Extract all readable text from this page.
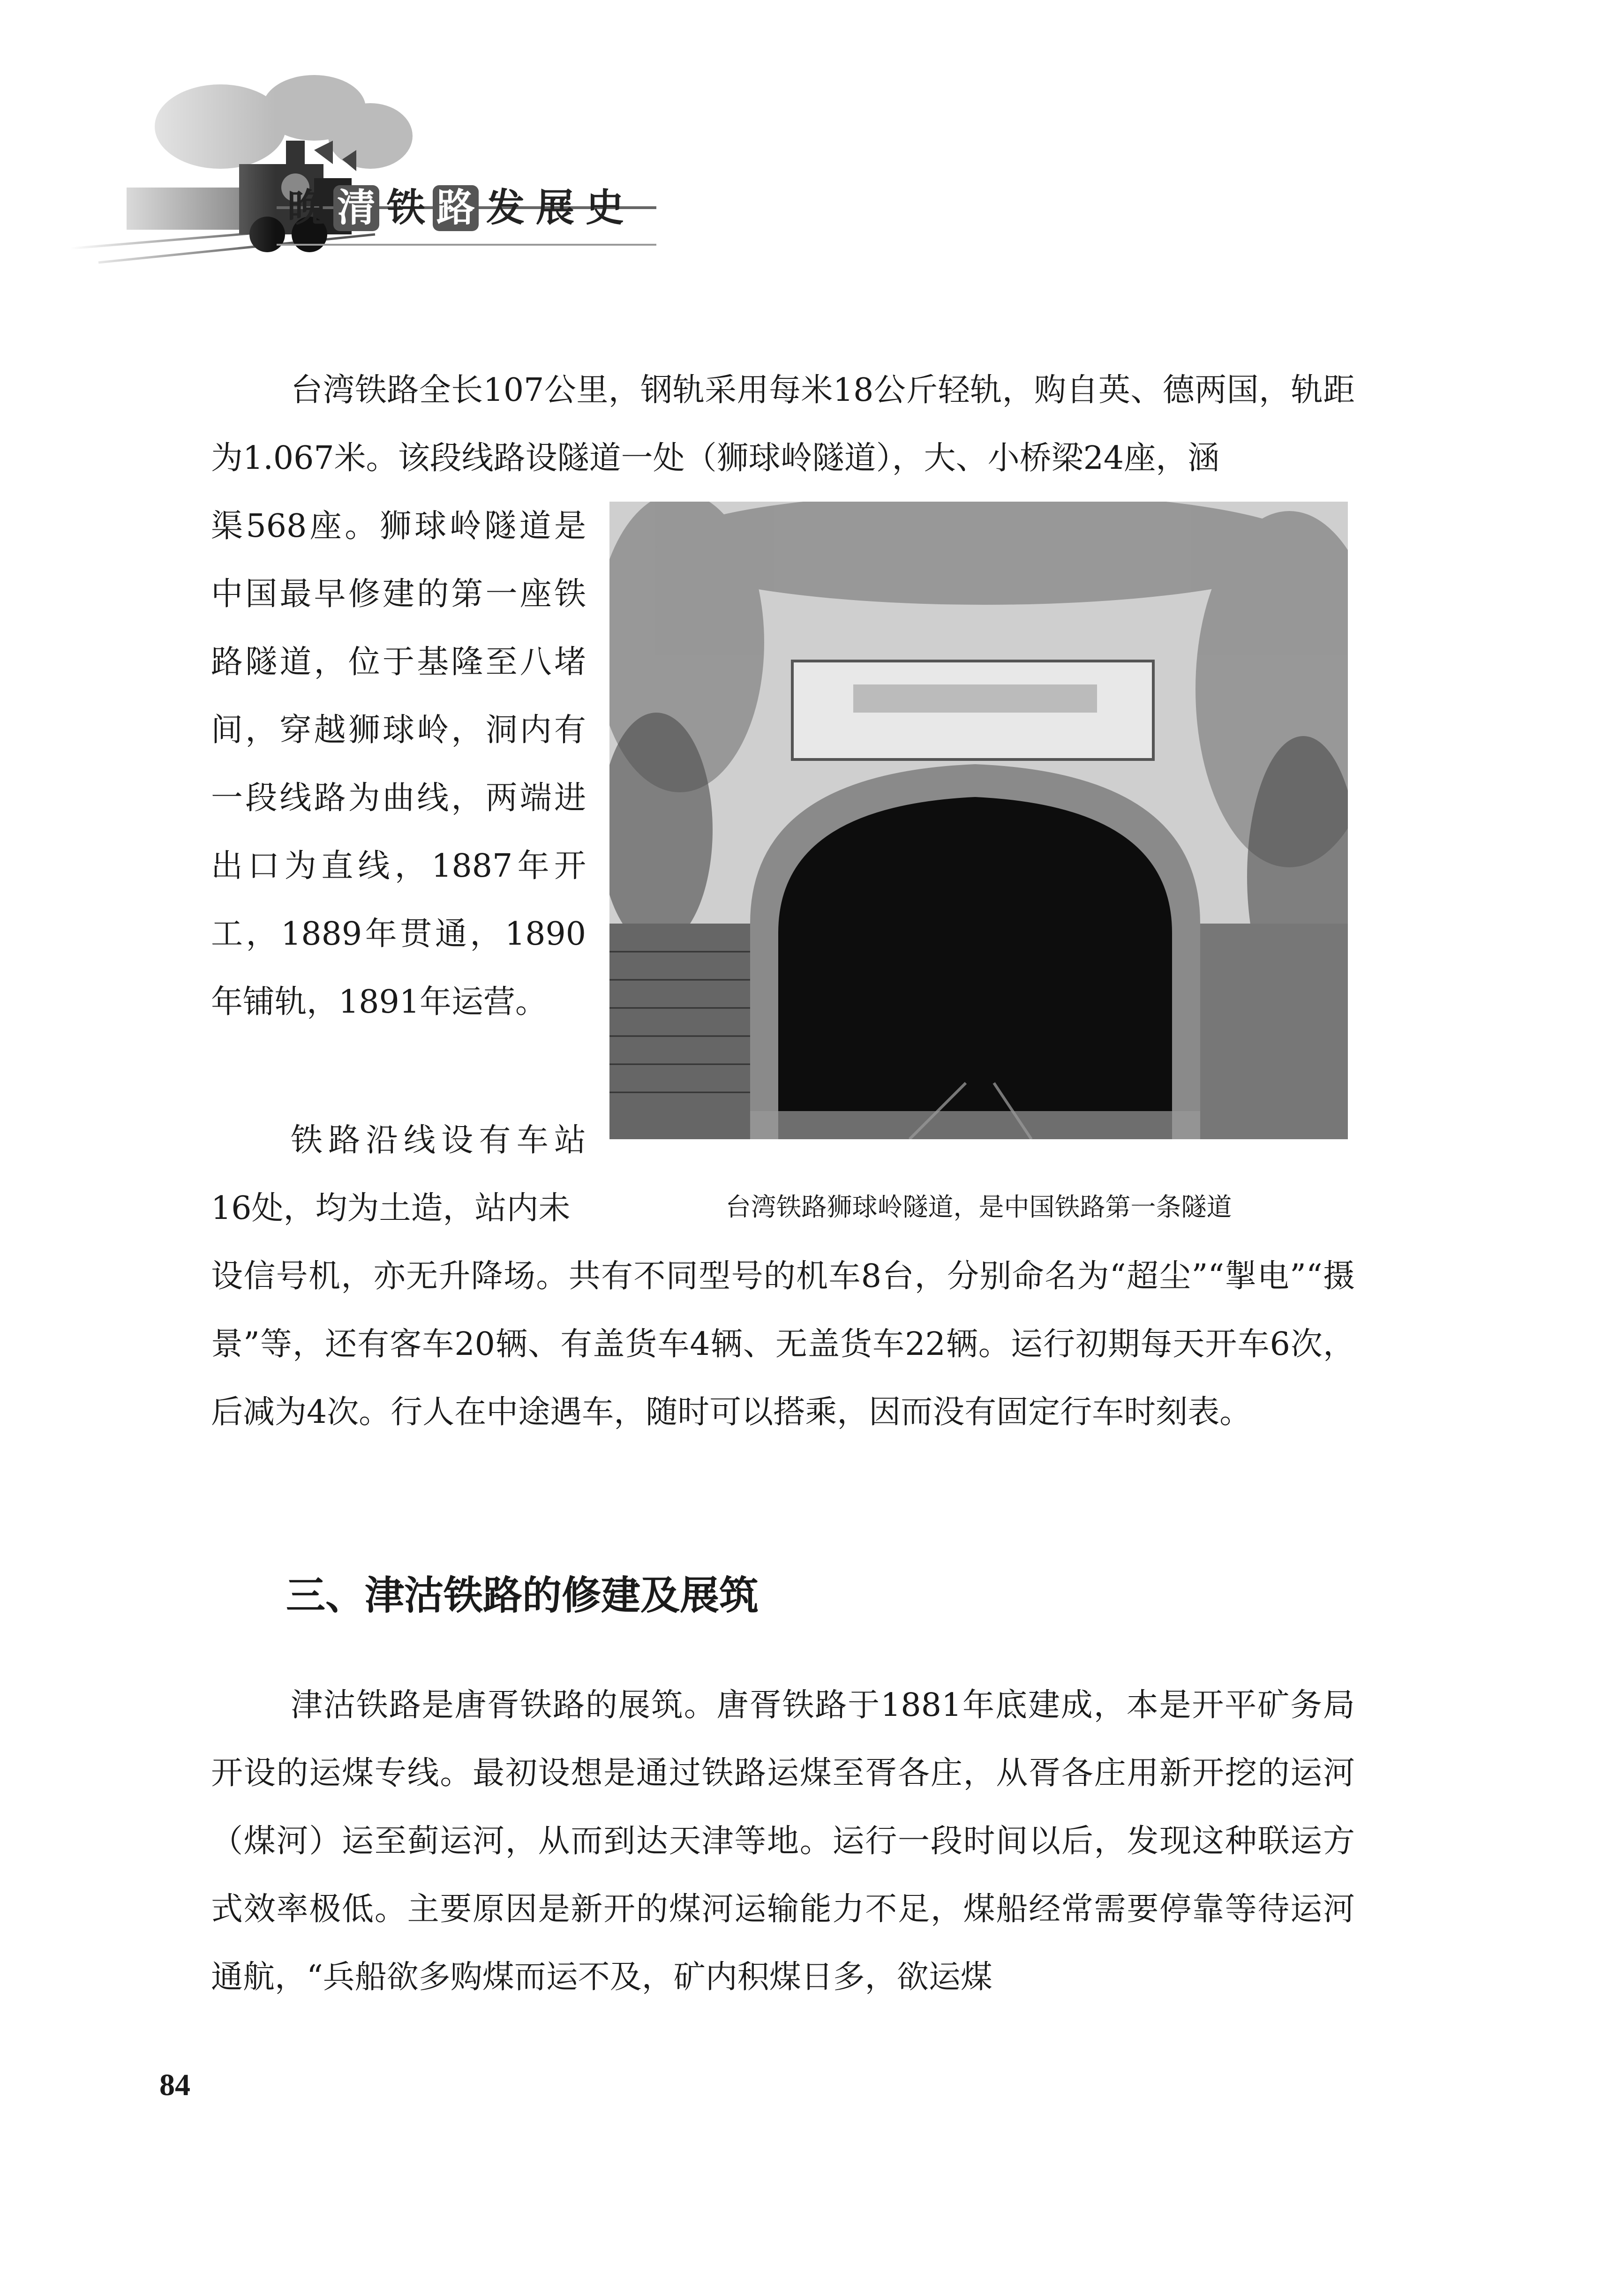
晚 清 铁 路 发 展 史
台湾铁路全长107公里，钢轨采用每米18公斤轻轨，购自英、德两国，轨距为1.067米。该段线路设隧道一处（狮球岭隧道），大、小桥梁24座，涵
渠568座。狮球岭隧道是中国最早修建的第一座铁路隧道，位于基隆至八堵间，穿越狮球岭，洞内有一段线路为曲线，两端进出口为直线，1887年开工，1889年贯通，1890年铺轨，1891年运营。
台湾铁路狮球岭隧道，是中国铁路第一条隧道
铁路沿线设有车站16处，均为土造，站内未
设信号机，亦无升降场。共有不同型号的机车8台，分别命名为“超尘”“掣电”“摄景”等，还有客车20辆、有盖货车4辆、无盖货车22辆。运行初期每天开车6次，后减为4次。行人在中途遇车，随时可以搭乘，因而没有固定行车时刻表。
三、津沽铁路的修建及展筑
津沽铁路是唐胥铁路的展筑。唐胥铁路于1881年底建成，本是开平矿务局开设的运煤专线。最初设想是通过铁路运煤至胥各庄，从胥各庄用新开挖的运河（煤河）运至蓟运河，从而到达天津等地。运行一段时间以后，发现这种联运方式效率极低。主要原因是新开的煤河运输能力不足，煤船经常需要停靠等待运河通航，“兵船欲多购煤而运不及，矿内积煤日多，欲运煤
84
